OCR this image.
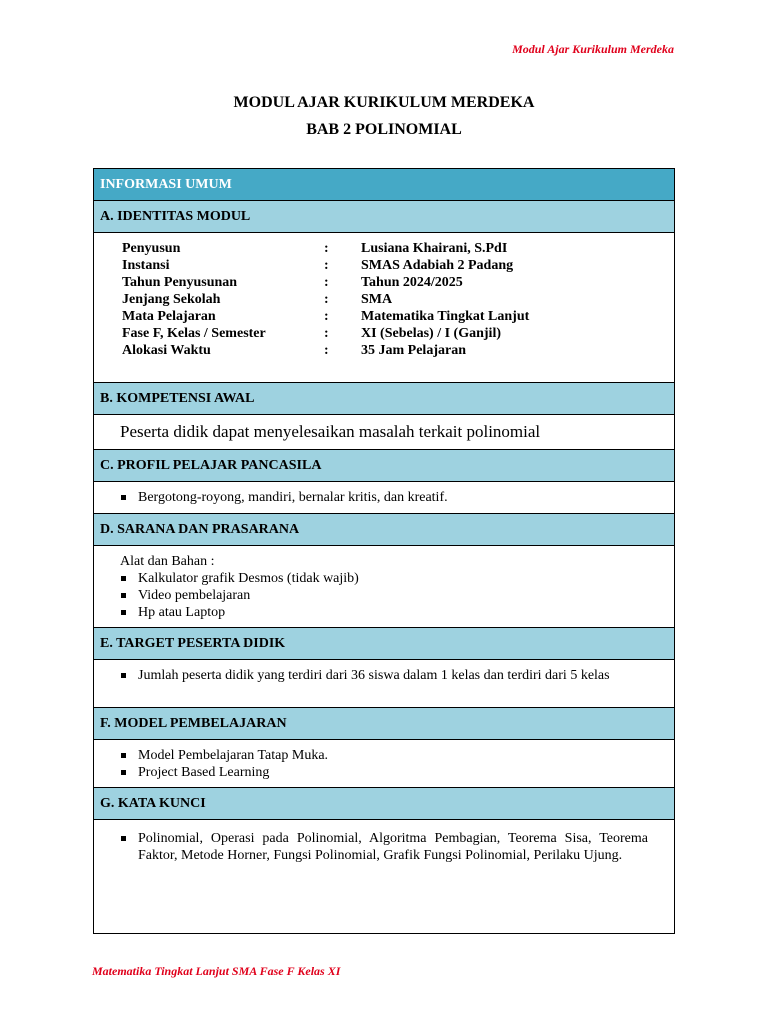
Modul Ajar Kurikulum Merdeka
MODUL AJAR KURIKULUM MERDEKA
BAB 2 POLINOMIAL
INFORMASI UMUM
A. IDENTITAS MODUL
Penyusun	:	Lusiana Khairani, S.PdI
Instansi	:	SMAS Adabiah 2 Padang
Tahun Penyusunan	:	Tahun 2024/2025
Jenjang Sekolah	:	SMA
Mata Pelajaran	:	Matematika Tingkat Lanjut
Fase F, Kelas / Semester	:	XI (Sebelas) / I (Ganjil)
Alokasi Waktu	:	35 Jam Pelajaran
B. KOMPETENSI AWAL
Peserta didik dapat menyelesaikan masalah terkait polinomial
C. PROFIL PELAJAR PANCASILA
Bergotong-royong, mandiri, bernalar kritis, dan kreatif.
D. SARANA DAN PRASARANA
Alat dan Bahan :
Kalkulator grafik Desmos (tidak wajib)
Video pembelajaran
Hp atau Laptop
E. TARGET PESERTA DIDIK
Jumlah peserta didik yang terdiri dari 36 siswa dalam 1 kelas dan terdiri dari 5 kelas
F. MODEL PEMBELAJARAN
Model Pembelajaran Tatap Muka.
Project Based Learning
G. KATA KUNCI
Polinomial, Operasi pada Polinomial, Algoritma Pembagian, Teorema Sisa, Teorema Faktor, Metode Horner, Fungsi Polinomial, Grafik Fungsi Polinomial, Perilaku Ujung.
Matematika Tingkat Lanjut SMA Fase F Kelas XI
